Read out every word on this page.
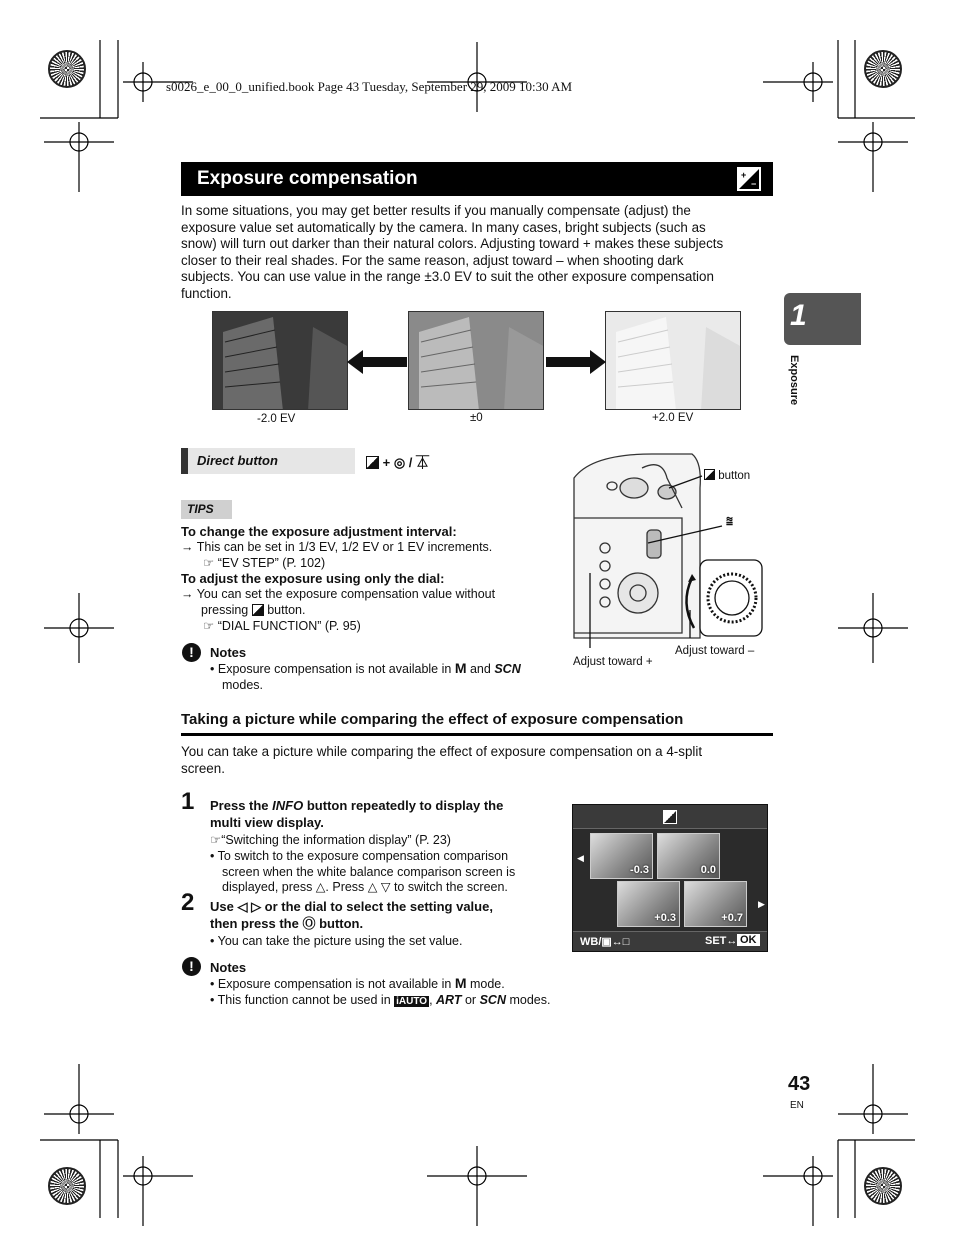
s0026_e_00_0_unified.book Page 43 Tuesday, September 29, 2009 10:30 AM
Exposure compensation	+
−
In some situations, you may get better results if you manually compensate (adjust) the
exposure value set automatically by the camera. In many cases, bright subjects (such as
snow) will turn out darker than their natural colors. Adjusting toward + makes these subjects
closer to their real shades. For the same reason, adjust toward – when shooting dark
subjects. You can use value in the range ±3.0 EV to suit the other exposure compensation
function.
-2.0 EV	±0	+2.0 EV
Direct button	+ ◎ / ⏄
TIPS
To change the exposure adjustment interval:
→ This can be set in 1/3 EV, 1/2 EV or 1 EV increments.
☞ “EV STEP” (P. 102)
To adjust the exposure using only the dial:
→ You can set the exposure compensation value without
pressing button.
☞ “DIAL FUNCTION” (P. 95)
!	Notes
• Exposure compensation is not available in M and SCN
modes.
button
⩰
Adjust toward –
Adjust toward +
Taking a picture while comparing the effect of exposure compensation
You can take a picture while comparing the effect of exposure compensation on a 4-split
screen.
1 Press the INFO button repeatedly to display the
multi view display.
☞“Switching the information display” (P. 23)
• To switch to the exposure compensation comparison
screen when the white balance comparison screen is
displayed, press △. Press △ ▽ to switch the screen.
2 Use ◁ ▷ or the dial to select the setting value,
then press the Ⓞ button.
• You can take the picture using the set value.
◀
▶
-0.3	0.0
+0.3	+0.7
WB/▣↔□	SET↔ OK
!	Notes
• Exposure compensation is not available in M mode.
• This function cannot be used in iAUTO , ART or SCN modes.
1
Exposure
43
EN
